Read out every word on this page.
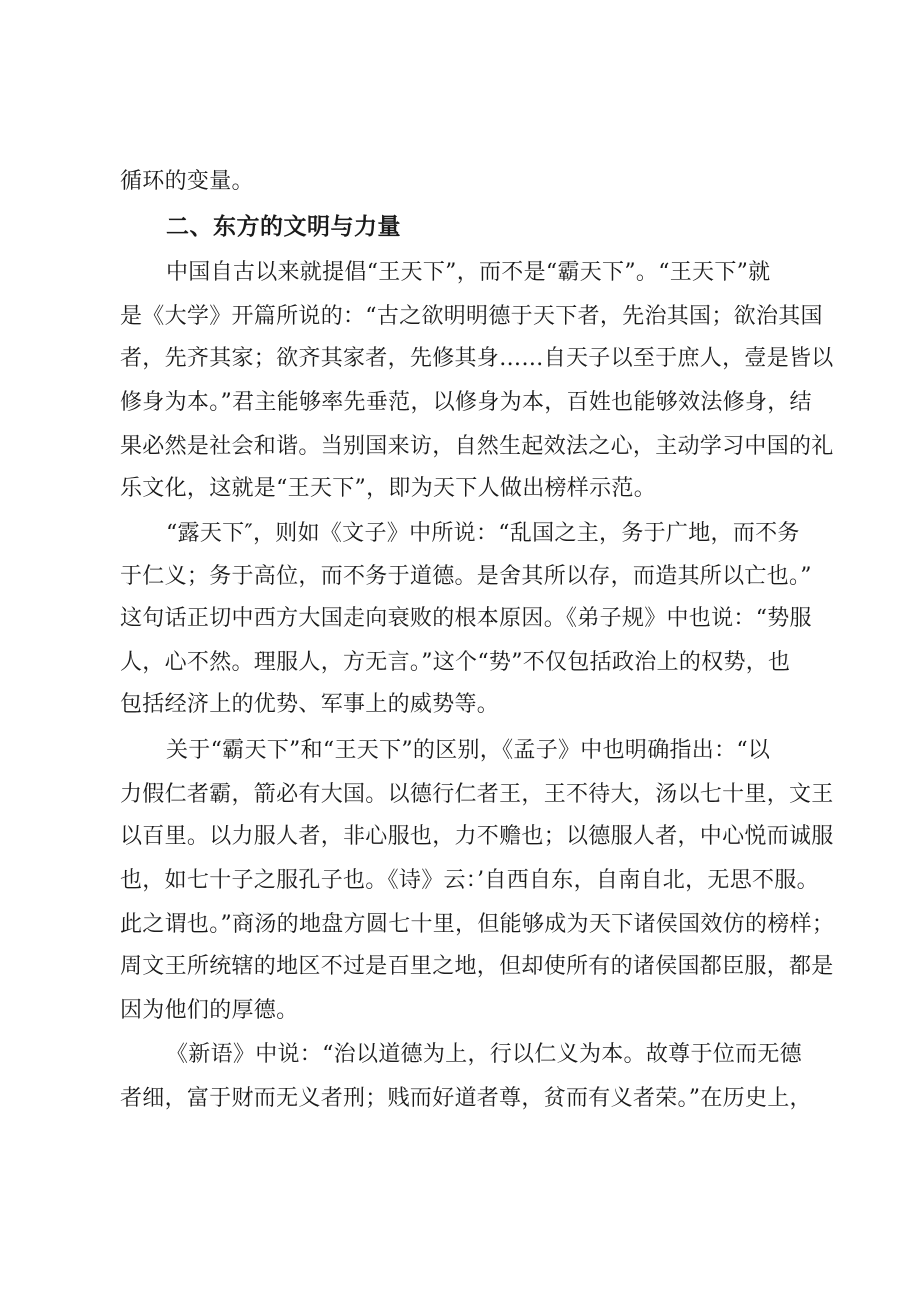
循环的变量。
二、东方的文明与力量
中国自古以来就提倡“王天下”，而不是“霸天下”。“王天下”就
是《大学》开篇所说的：“古之欲明明德于天下者，先治其国；欲治其国
者，先齐其家；欲齐其家者，先修其身……自天子以至于庶人，壹是皆以
修身为本。”君主能够率先垂范，以修身为本，百姓也能够效法修身，结
果必然是社会和谐。当别国来访，自然生起效法之心，主动学习中国的礼
乐文化，这就是“王天下”，即为天下人做出榜样示范。
“露天下″，则如《文子》中所说：“乱国之主，务于广地，而不务
于仁义；务于高位，而不务于道德。是舍其所以存，而造其所以亡也。”
这句话正切中西方大国走向衰败的根本原因。《弟子规》中也说：“势服
人，心不然。理服人，方无言。”这个“势”不仅包括政治上的权势，也
包括经济上的优势、军事上的威势等。
关于“霸天下”和“王天下”的区别，《孟子》中也明确指出：“以
力假仁者霸，箭必有大国。以德行仁者王，王不待大，汤以七十里，文王
以百里。以力服人者，非心服也，力不赡也；以德服人者，中心悦而诚服
也，如七十子之服孔子也。《诗》云：’自西自东，自南自北，无思不服。
此之谓也。”商汤的地盘方圆七十里，但能够成为天下诸侯国效仿的榜样；
周文王所统辖的地区不过是百里之地，但却使所有的诸侯国都臣服，都是
因为他们的厚德。
《新语》中说：“治以道德为上，行以仁义为本。故尊于位而无德
者细，富于财而无义者刑；贱而好道者尊，贫而有义者荣。”在历史上，
